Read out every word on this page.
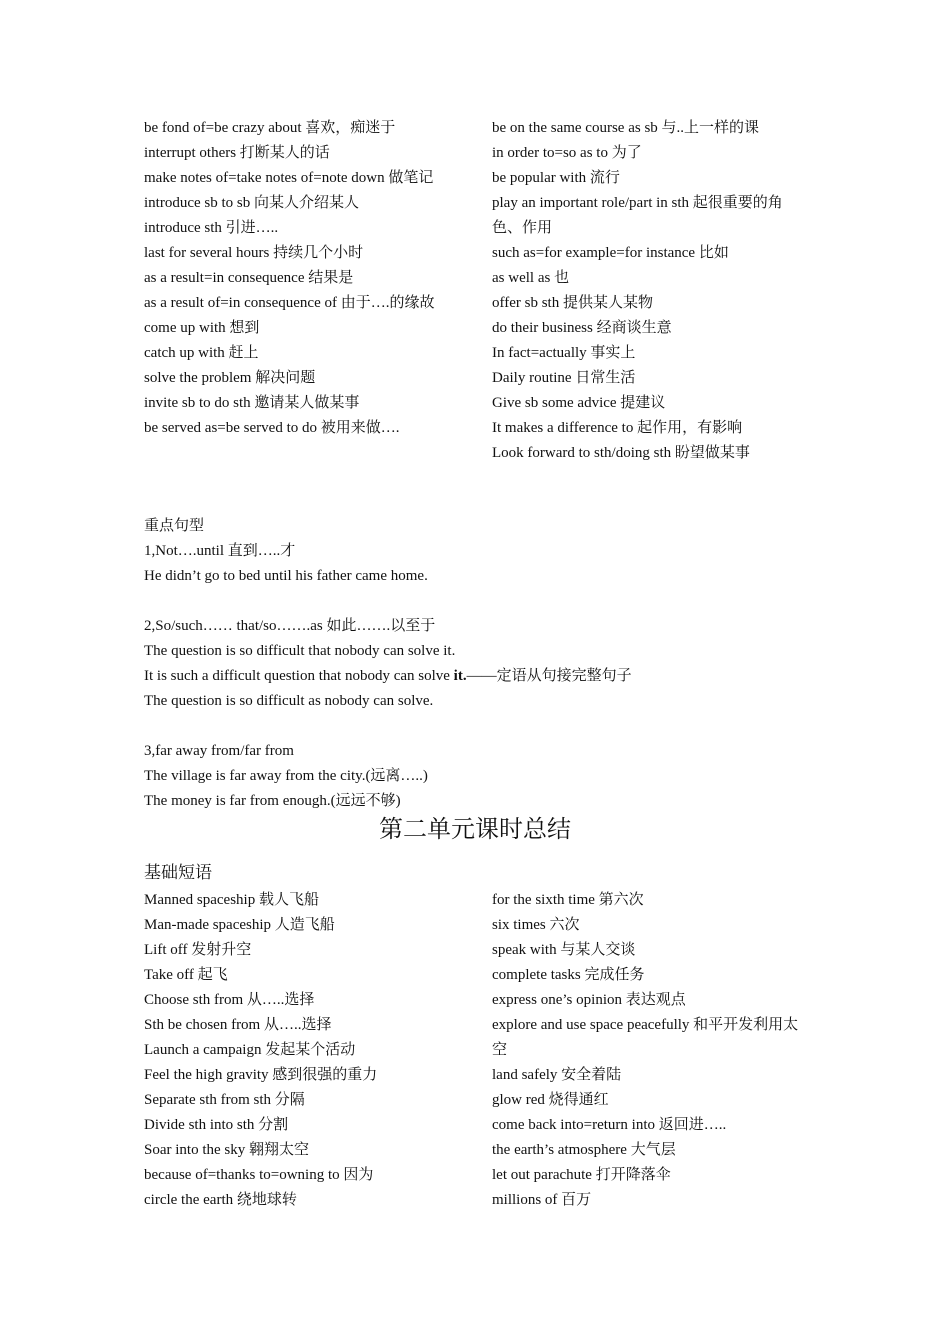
be fond of=be crazy about 喜欢，痴迷于
interrupt others 打断某人的话
make notes of=take notes of=note down 做笔记
introduce sb to sb 向某人介绍某人
introduce sth 引进…..
last for several hours 持续几个小时
as a result=in consequence 结果是
as a result of=in consequence of 由于….的缘故
come up with 想到
catch up with 赶上
solve the problem 解决问题
invite sb to do sth 邀请某人做某事
be served as=be served to do 被用来做….
be on the same course as sb 与..上一样的课
in order to=so as to 为了
be popular with 流行
play an important role/part in sth 起很重要的角色、作用
such as=for example=for instance 比如
as well as 也
offer sb sth 提供某人某物
do their business 经商谈生意
In fact=actually 事实上
Daily routine 日常生活
Give sb some advice 提建议
It makes a difference to 起作用，有影响
Look forward to sth/doing sth 盼望做某事
重点句型
1,Not….until 直到…..才
He didn’t go to bed until his father came home.
2,So/such…… that/so…….as 如此…….以至于
The question is so difficult that nobody can solve it.
It is such a difficult question that nobody can solve it.——定语从句接完整句子
The question is so difficult as nobody can solve.
3,far away from/far from
The village is far away from the city.(远离…..)
The money is far from enough.(远远不够)
第二单元课时总结
基础短语
Manned spaceship 载人飞船
Man-made spaceship 人造飞船
Lift off 发射升空
Take off 起飞
Choose sth from 从…..选择
Sth be chosen from 从…..选择
Launch a campaign 发起某个活动
Feel the high gravity 感到很强的重力
Separate sth from sth 分隔
Divide sth into sth 分割
Soar into the sky 翱翔太空
because of=thanks to=owning to 因为
circle the earth 绕地球转
for the sixth time 第六次
six times 六次
speak with 与某人交谈
complete tasks 完成任务
express one’s opinion 表达观点
explore and use space peacefully 和平开发利用太空
land safely 安全着陆
glow red 烧得通红
come back into=return into 返回进…..
the earth’s atmosphere 大气层
let out parachute 打开降落伞
millions of 百万
